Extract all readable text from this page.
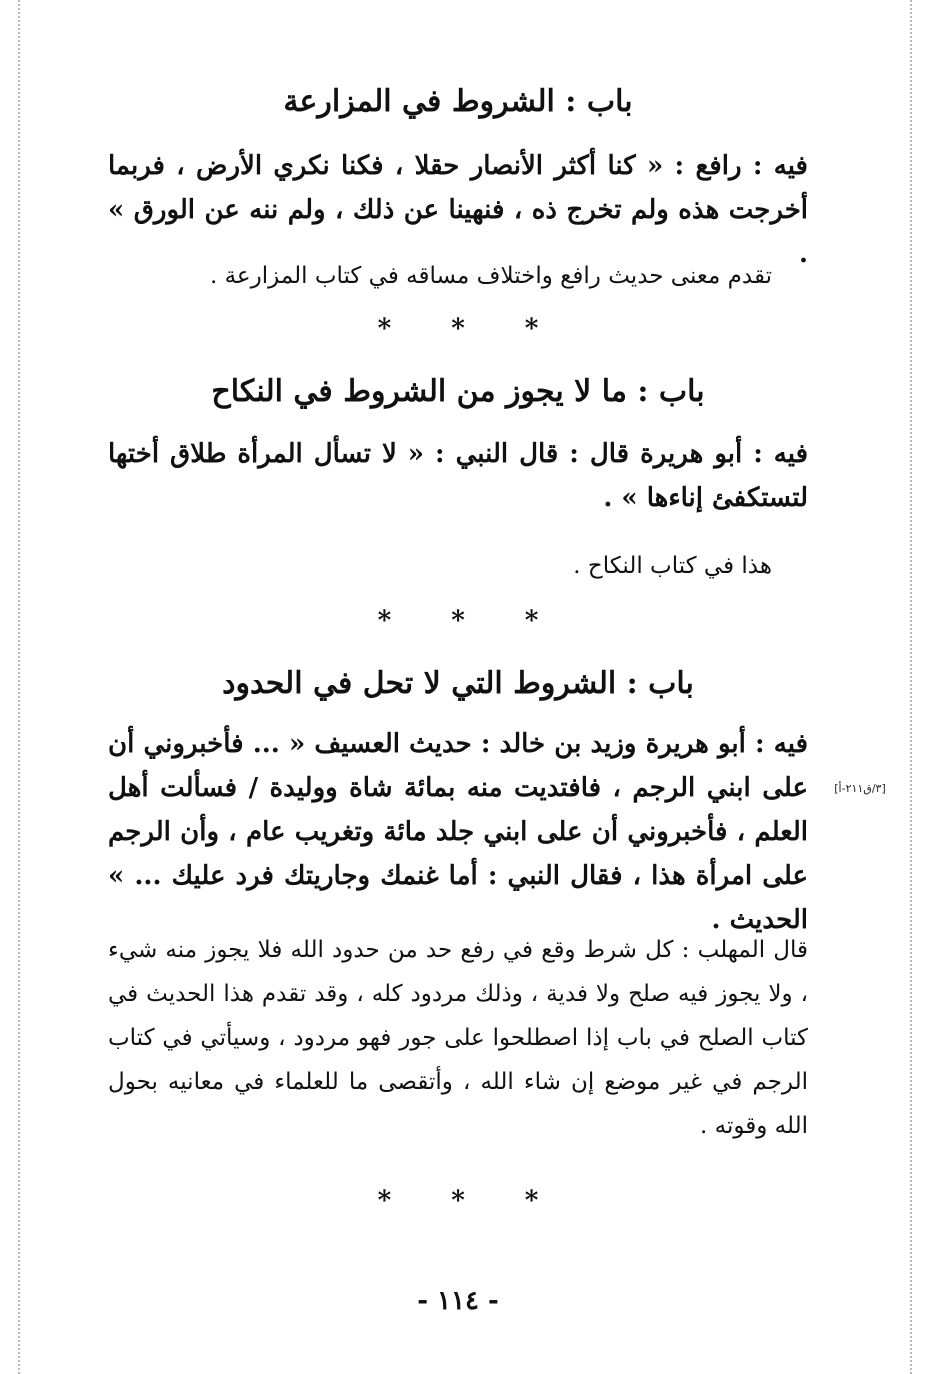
باب : الشروط في المزارعة
فيه : رافع : « كنا أكثر الأنصار حقلا ، فكنا نكري الأرض ، فربما أخرجت هذه ولم تخرج ذه ، فنهينا عن ذلك ، ولم ننه عن الورق » .
تقدم معنى حديث رافع واختلاف مساقه في كتاب المزارعة .
* * *
باب : ما لا يجوز من الشروط في النكاح
فيه : أبو هريرة قال : قال النبي : « لا تسأل المرأة طلاق أختها لتستكفئ إناءها » .
هذا في كتاب النكاح .
* * *
باب : الشروط التي لا تحل في الحدود
فيه : أبو هريرة وزيد بن خالد : حديث العسيف « ... فأخبروني أن على ابني الرجم ، فافتديت منه بمائة شاة ووليدة / فسألت أهل العلم ، فأخبروني أن على ابني جلد مائة وتغريب عام ، وأن الرجم على امرأة هذا ، فقال النبي : أما غنمك وجاريتك فرد عليك ... » الحديث .
[٣/ق٢١١-أ]
قال المهلب : كل شرط وقع في رفع حد من حدود الله فلا يجوز منه شيء ، ولا يجوز فيه صلح ولا فدية ، وذلك مردود كله ، وقد تقدم هذا الحديث في كتاب الصلح في باب إذا اصطلحوا على جور فهو مردود ، وسيأتي في كتاب الرجم في غير موضع إن شاء الله ، وأتقصى ما للعلماء في معانيه بحول الله وقوته .
* * *
- ١١٤ -
